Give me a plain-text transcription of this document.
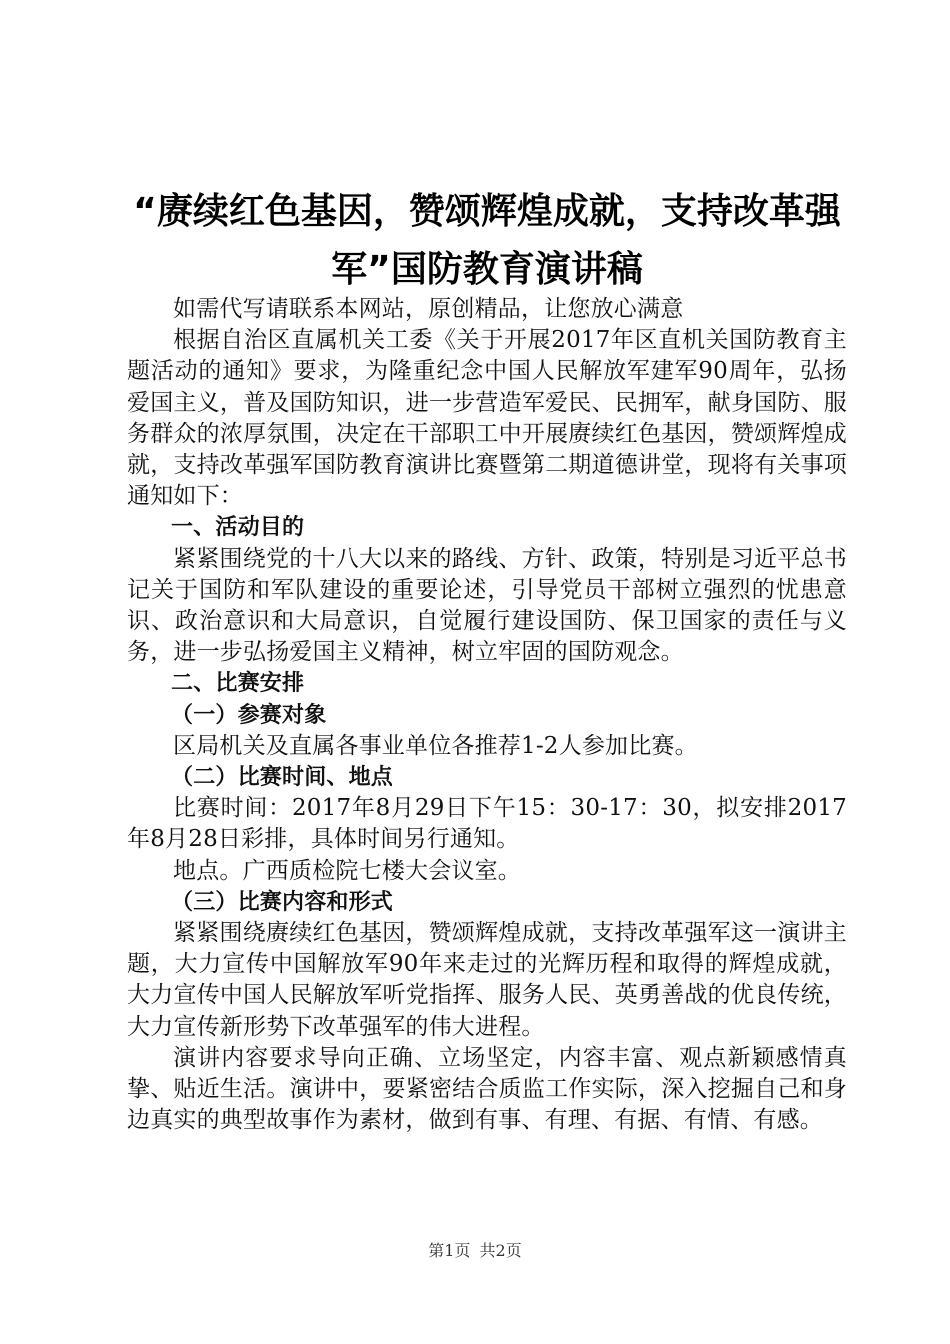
“赓续红色基因，赞颂辉煌成就，支持改革强
军”国防教育演讲稿

如需代写请联系本网站，原创精品，让您放心满意

根据自治区直属机关工委《关于开展2017年区直机关国防教育主题活动的通知》要求，为隆重纪念中国人民解放军建军90周年，弘扬爱国主义，普及国防知识，进一步营造军爱民、民拥军，献身国防、服务群众的浓厚氛围，决定在干部职工中开展赓续红色基因，赞颂辉煌成就，支持改革强军国防教育演讲比赛暨第二期道德讲堂，现将有关事项通知如下：

一、活动目的

紧紧围绕党的十八大以来的路线、方针、政策，特别是习近平总书记关于国防和军队建设的重要论述，引导党员干部树立强烈的忧患意识、政治意识和大局意识，自觉履行建设国防、保卫国家的责任与义务，进一步弘扬爱国主义精神，树立牢固的国防观念。

二、比赛安排
（一）参赛对象

区局机关及直属各事业单位各推荐1-2人参加比赛。

（二）比赛时间、地点

比赛时间：2017年8月29日下午15：30-17：30，拟安排2017年8月28日彩排，具体时间另行通知。

地点。广西质检院七楼大会议室。

（三）比赛内容和形式

紧紧围绕赓续红色基因，赞颂辉煌成就，支持改革强军这一演讲主题，大力宣传中国解放军90年来走过的光辉历程和取得的辉煌成就，大力宣传中国人民解放军听党指挥、服务人民、英勇善战的优良传统，大力宣传新形势下改革强军的伟大进程。

演讲内容要求导向正确、立场坚定，内容丰富、观点新颖感情真挚、贴近生活。演讲中，要紧密结合质监工作实际，深入挖掘自己和身边真实的典型故事作为素材，做到有事、有理、有据、有情、有感。

第1页 共2页
